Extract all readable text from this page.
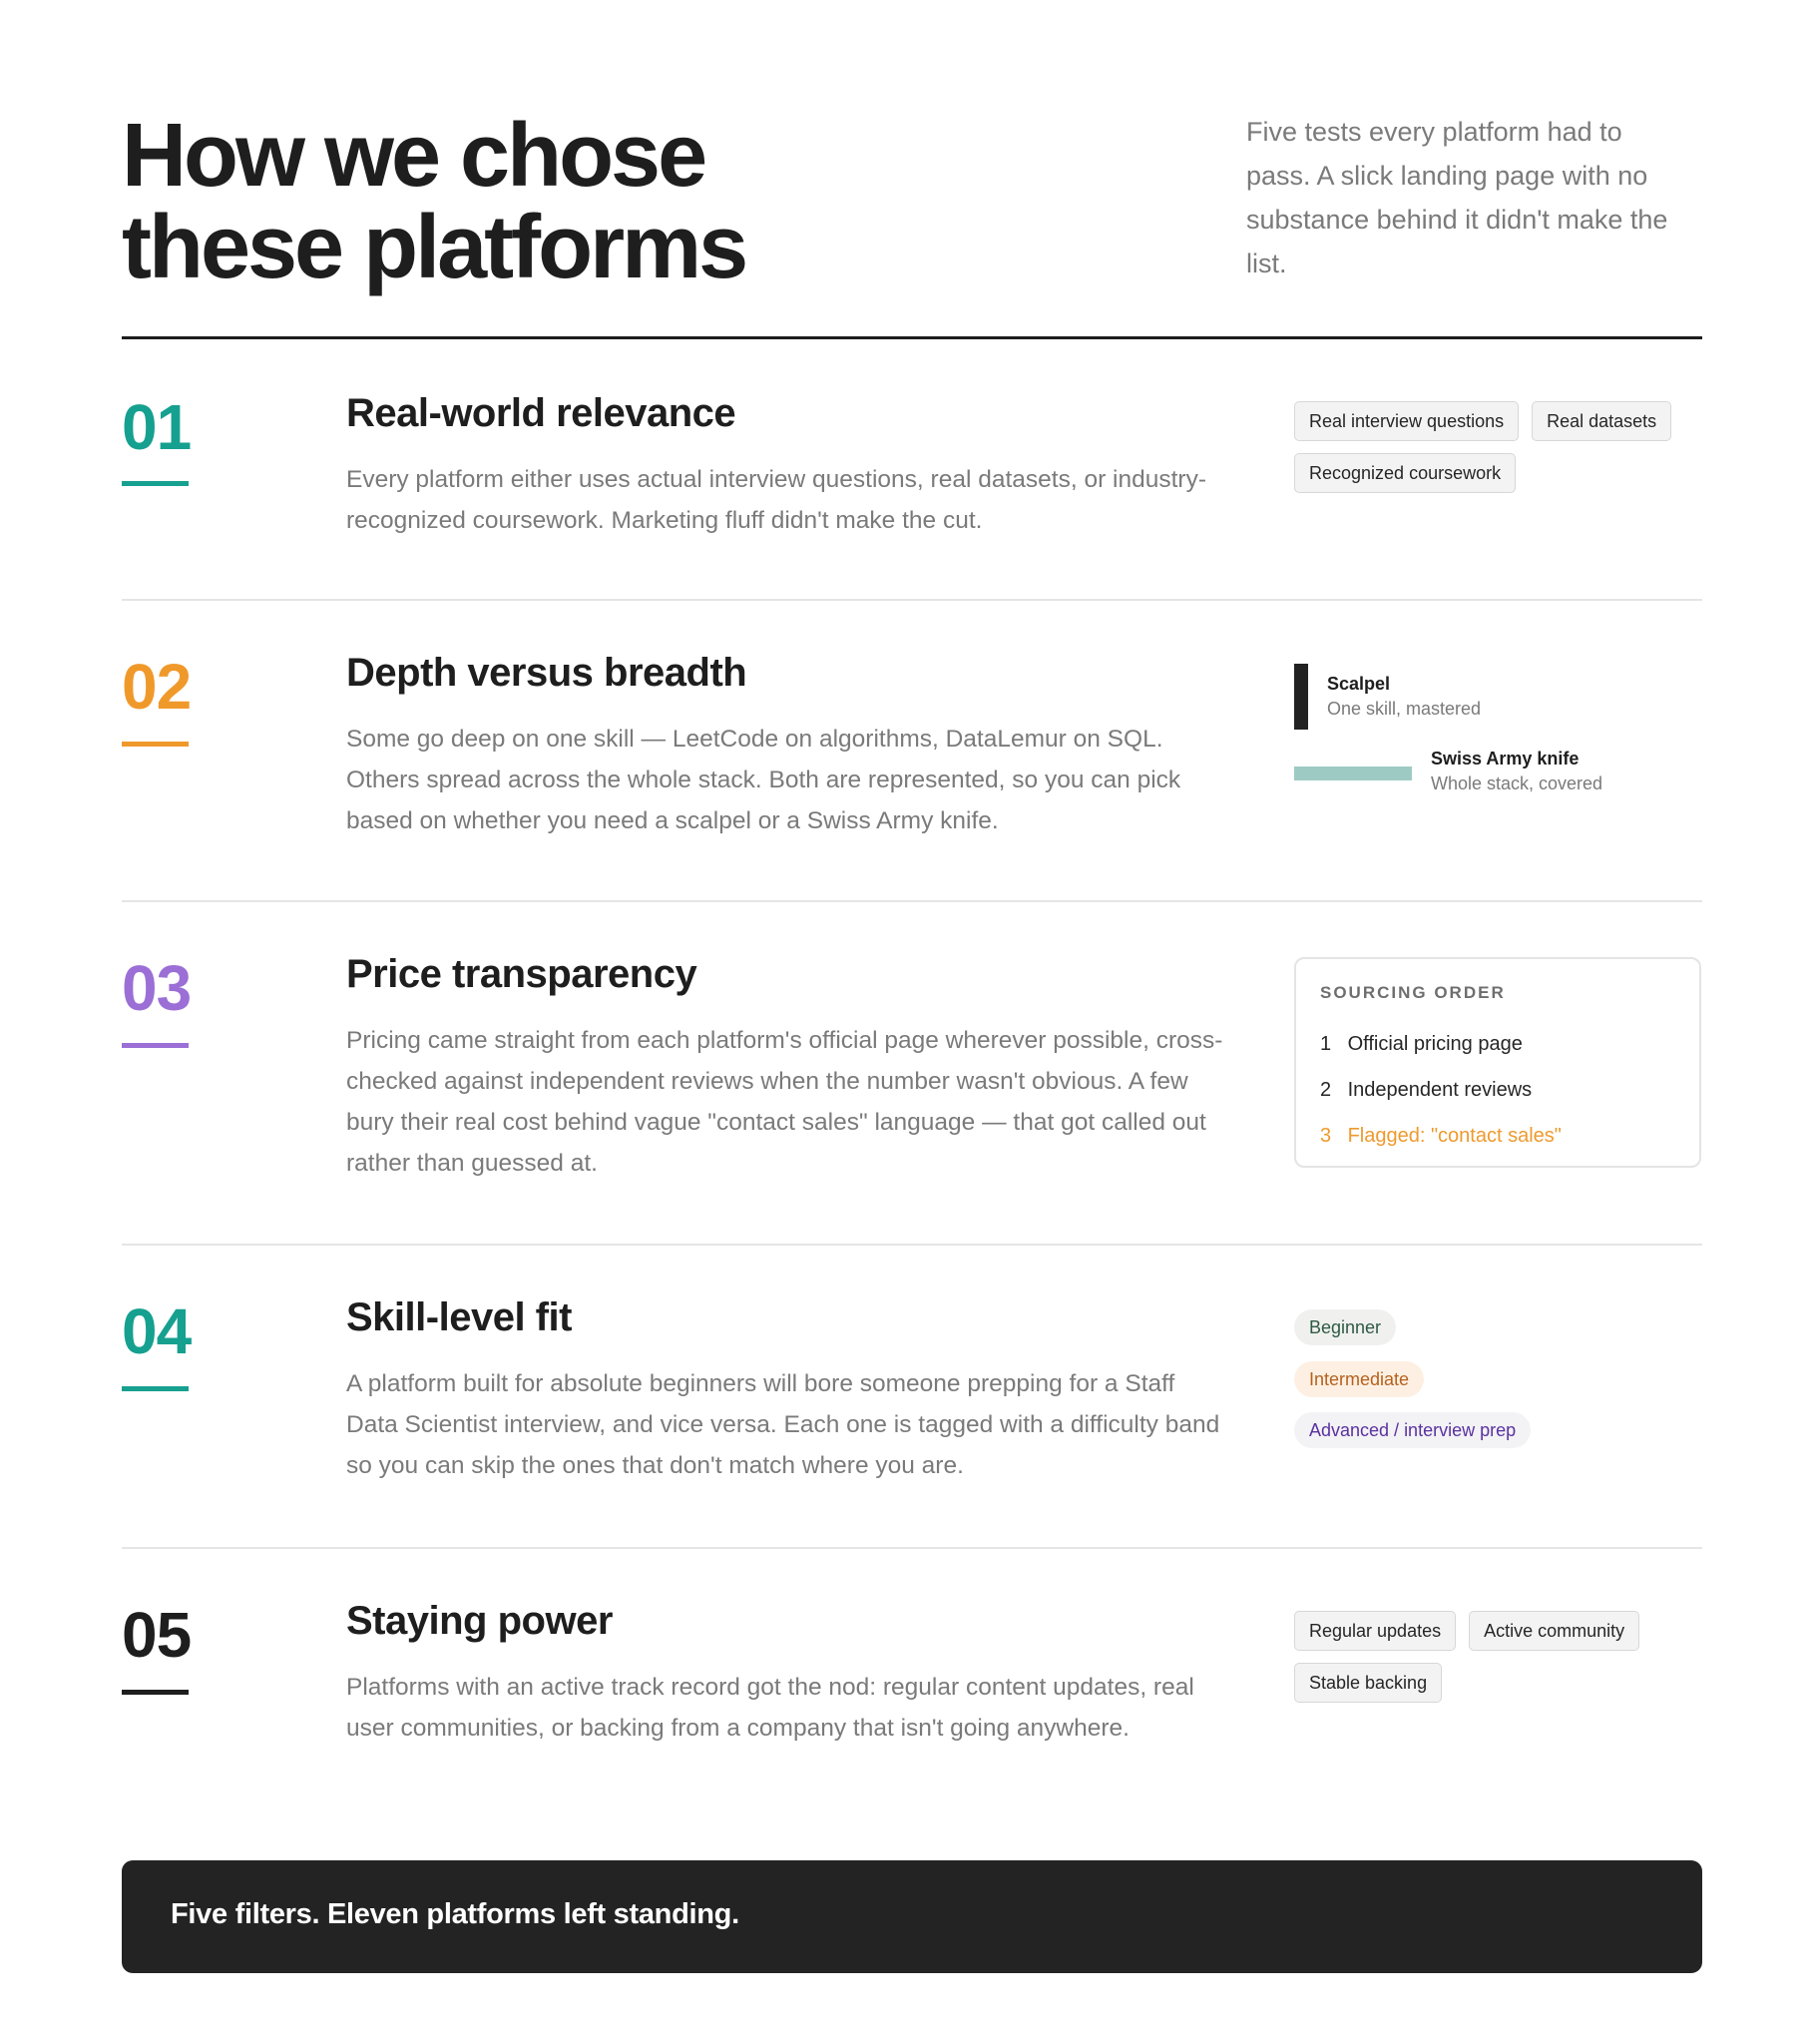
How we chose
these platforms

Five tests every platform had to pass. A slick landing page with no substance behind it didn't make the list.

01	Real-world relevance

Every platform either uses actual interview questions, real datasets, or industry-recognized coursework. Marketing fluff didn't make the cut.

Real interview questions	Real datasets
Recognized coursework
02	Depth versus breadth

Some go deep on one skill — LeetCode on algorithms, DataLemur on SQL. Others spread across the whole stack. Both are represented, so you can pick based on whether you need a scalpel or a Swiss Army knife.

Scalpel
One skill, mastered
Swiss Army knife
Whole stack, covered
03	Price transparency

Pricing came straight from each platform's official page wherever possible, cross-checked against independent reviews when the number wasn't obvious. A few bury their real cost behind vague "contact sales" language — that got called out rather than guessed at.

SOURCING ORDER
1 Official pricing page
2 Independent reviews
3 Flagged: "contact sales"
04	Skill-level fit

A platform built for absolute beginners will bore someone prepping for a Staff Data Scientist interview, and vice versa. Each one is tagged with a difficulty band so you can skip the ones that don't match where you are.

Beginner
Intermediate
Advanced / interview prep
05	Staying power

Platforms with an active track record got the nod: regular content updates, real user communities, or backing from a company that isn't going anywhere.

Regular updates	Active community
Stable backing
Five filters. Eleven platforms left standing.
